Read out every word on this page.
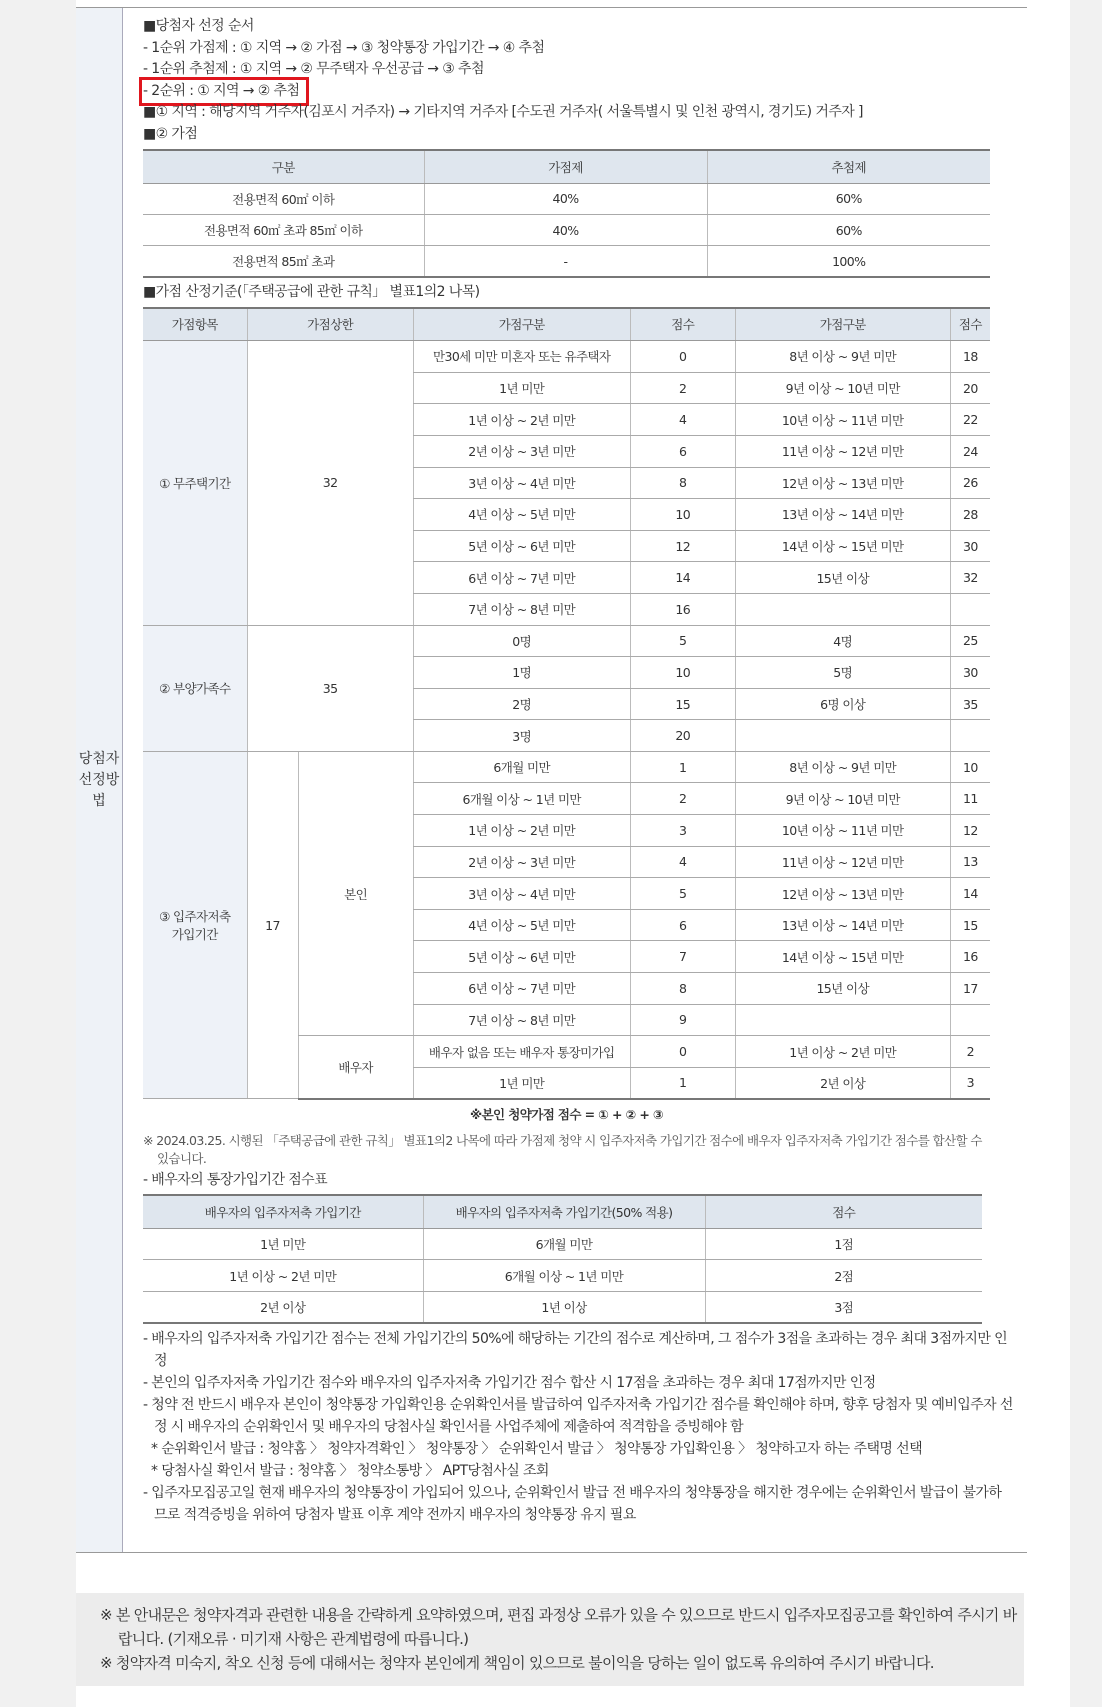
당첨자
선정방법
■당첨자 선정 순서
- 1순위 가점제 : ① 지역 → ② 가점 → ③ 청약통장 가입기간 → ④ 추첨
- 1순위 추첨제 : ① 지역 → ② 무주택자 우선공급 → ③ 추첨
- 2순위 : ① 지역 → ② 추첨
■① 지역 : 해당지역 거주자(김포시 거주자) → 기타지역 거주자 [수도권 거주자( 서울특별시 및 인천 광역시, 경기도) 거주자 ]
■② 가점
구분	가점제	추첨제
전용면적 60㎡ 이하	40%	60%
전용면적 60㎡ 초과 85㎡ 이하	40%	60%
전용면적 85㎡ 초과	-	100%
■가점 산정기준(「주택공급에 관한 규칙」 별표1의2 나목)
가점항목	가점상한		가점구분	점수	가점구분	점수
① 무주택기간	32		만30세 미만 미혼자 또는 유주택자	0	8년 이상 ~ 9년 미만	18
			1년 미만	2	9년 이상 ~ 10년 미만	20
			1년 이상 ~ 2년 미만	4	10년 이상 ~ 11년 미만	22
			2년 이상 ~ 3년 미만	6	11년 이상 ~ 12년 미만	24
			3년 이상 ~ 4년 미만	8	12년 이상 ~ 13년 미만	26
			4년 이상 ~ 5년 미만	10	13년 이상 ~ 14년 미만	28
			5년 이상 ~ 6년 미만	12	14년 이상 ~ 15년 미만	30
			6년 이상 ~ 7년 미만	14	15년 이상	32
			7년 이상 ~ 8년 미만	16		
② 부양가족수	35		0명	5	4명	25
			1명	10	5명	30
			2명	15	6명 이상	35
			3명	20		
③ 입주자저축
가입기간	17	본인	6개월 미만	1	8년 이상 ~ 9년 미만	10
			6개월 이상 ~ 1년 미만	2	9년 이상 ~ 10년 미만	11
			1년 이상 ~ 2년 미만	3	10년 이상 ~ 11년 미만	12
			2년 이상 ~ 3년 미만	4	11년 이상 ~ 12년 미만	13
			3년 이상 ~ 4년 미만	5	12년 이상 ~ 13년 미만	14
			4년 이상 ~ 5년 미만	6	13년 이상 ~ 14년 미만	15
			5년 이상 ~ 6년 미만	7	14년 이상 ~ 15년 미만	16
			6년 이상 ~ 7년 미만	8	15년 이상	17
			7년 이상 ~ 8년 미만	9		
		배우자	배우자 없음 또는 배우자 통장미가입	0	1년 이상 ~ 2년 미만	2
			1년 미만	1	2년 이상	3
※본인 청약가점 점수 = ① + ② + ③
※ 2024.03.25. 시행된 「주택공급에 관한 규칙」 별표1의2 나목에 따라 가점제 청약 시 입주자저축 가입기간 점수에 배우자 입주자저축 가입기간 점수를 합산할 수 있습니다.
- 배우자의 통장가입기간 점수표
배우자의 입주자저축 가입기간	배우자의 입주자저축 가입기간(50% 적용)	점수
1년 미만	6개월 미만	1점
1년 이상 ~ 2년 미만	6개월 이상 ~ 1년 미만	2점
2년 이상	1년 이상	3점
- 배우자의 입주자저축 가입기간 점수는 전체 가입기간의 50%에 해당하는 기간의 점수로 계산하며, 그 점수가 3점을 초과하는 경우 최대 3점까지만 인정
- 본인의 입주자저축 가입기간 점수와 배우자의 입주자저축 가입기간 점수 합산 시 17점을 초과하는 경우 최대 17점까지만 인정
- 청약 전 반드시 배우자 본인이 청약통장 가입확인용 순위확인서를 발급하여 입주자저축 가입기간 점수를 확인해야 하며, 향후 당첨자 및 예비입주자 선정 시 배우자의 순위확인서 및 배우자의 당첨사실 확인서를 사업주체에 제출하여 적격함을 증빙해야 함
* 순위확인서 발급 : 청약홈 〉 청약자격확인 〉 청약통장 〉 순위확인서 발급 〉 청약통장 가입확인용 〉 청약하고자 하는 주택명 선택
* 당첨사실 확인서 발급 : 청약홈 〉 청약소통방 〉 APT당첨사실 조회
- 입주자모집공고일 현재 배우자의 청약통장이 가입되어 있으나, 순위확인서 발급 전 배우자의 청약통장을 해지한 경우에는 순위확인서 발급이 불가하므로 적격증빙을 위하여 당첨자 발표 이후 계약 전까지 배우자의 청약통장 유지 필요
※ 본 안내문은 청약자격과 관련한 내용을 간략하게 요약하였으며, 편집 과정상 오류가 있을 수 있으므로 반드시 입주자모집공고를 확인하여 주시기 바랍니다. (기재오류 · 미기재 사항은 관계법령에 따릅니다.)
※ 청약자격 미숙지, 착오 신청 등에 대해서는 청약자 본인에게 책임이 있으므로 불이익을 당하는 일이 없도록 유의하여 주시기 바랍니다.
